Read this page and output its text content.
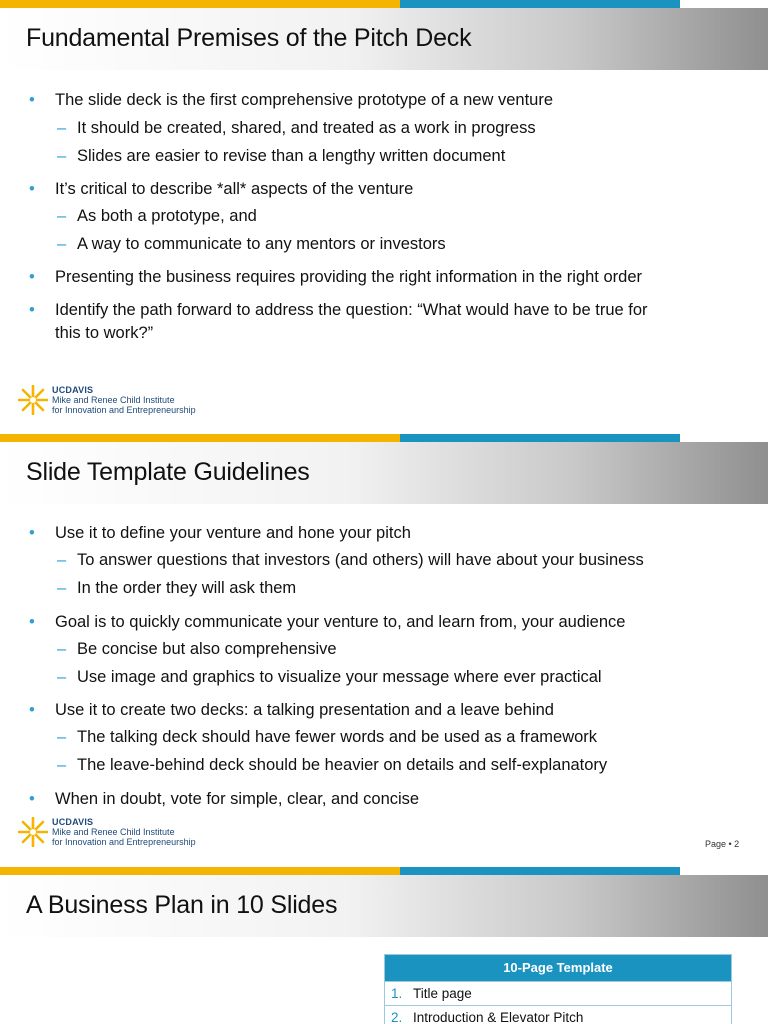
Fundamental Premises of the Pitch Deck
• The slide deck is the first comprehensive prototype of a new venture
– It should be created, shared, and treated as a work in progress
– Slides are easier to revise than a lengthy written document
• It’s critical to describe *all* aspects of the venture
– As both a prototype, and
– A way to communicate to any mentors or investors
• Presenting the business requires providing the right information in the right order
• Identify the path forward to address the question: “What would have to be true for
this to work?”
UCDAVIS
Mike and Renee Child Institute
for Innovation and Entrepreneurship
Slide Template Guidelines
• Use it to define your venture and hone your pitch
– To answer questions that investors (and others) will have about your business
– In the order they will ask them
• Goal is to quickly communicate your venture to, and learn from, your audience
– Be concise but also comprehensive
– Use image and graphics to visualize your message where ever practical
• Use it to create two decks: a talking presentation and a leave behind
– The talking deck should have fewer words and be used as a framework
– The leave-behind deck should be heavier on details and self-explanatory
• When in doubt, vote for simple, clear, and concise
UCDAVIS
Mike and Renee Child Institute
for Innovation and Entrepreneurship	Page • 2
A Business Plan in 10 Slides
10-Page Template
1. Title page
2. Introduction & Elevator Pitch
